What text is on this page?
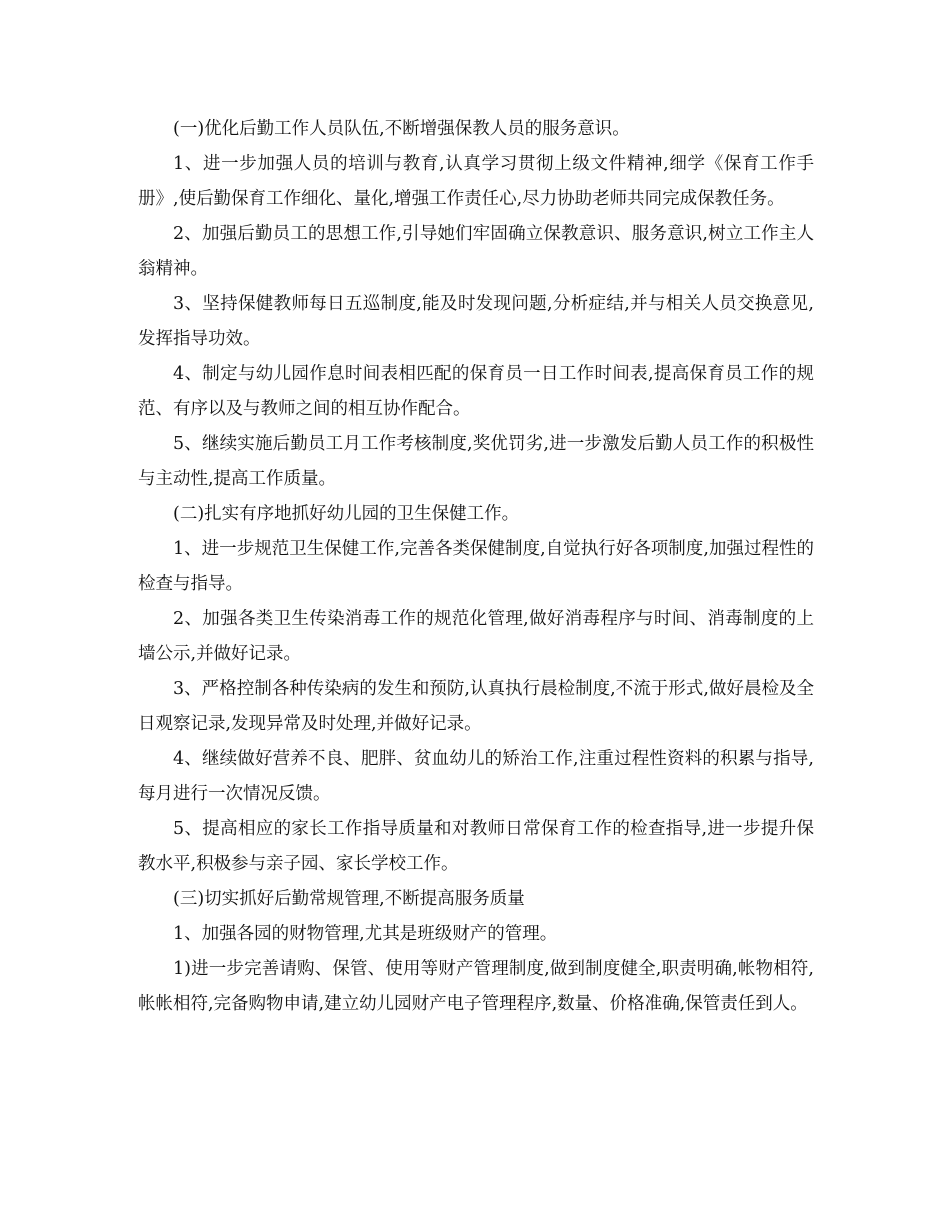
(一)优化后勤工作人员队伍,不断增强保教人员的服务意识。

1、进一步加强人员的培训与教育,认真学习贯彻上级文件精神,细学《保育工作手册》,使后勤保育工作细化、量化,增强工作责任心,尽力协助老师共同完成保教任务。

2、加强后勤员工的思想工作,引导她们牢固确立保教意识、服务意识,树立工作主人翁精神。

3、坚持保健教师每日五巡制度,能及时发现问题,分析症结,并与相关人员交换意见,发挥指导功效。

4、制定与幼儿园作息时间表相匹配的保育员一日工作时间表,提高保育员工作的规范、有序以及与教师之间的相互协作配合。

5、继续实施后勤员工月工作考核制度,奖优罚劣,进一步激发后勤人员工作的积极性与主动性,提高工作质量。

(二)扎实有序地抓好幼儿园的卫生保健工作。

1、进一步规范卫生保健工作,完善各类保健制度,自觉执行好各项制度,加强过程性的检查与指导。

2、加强各类卫生传染消毒工作的规范化管理,做好消毒程序与时间、消毒制度的上墙公示,并做好记录。

3、严格控制各种传染病的发生和预防,认真执行晨检制度,不流于形式,做好晨检及全日观察记录,发现异常及时处理,并做好记录。

4、继续做好营养不良、肥胖、贫血幼儿的矫治工作,注重过程性资料的积累与指导,每月进行一次情况反馈。

5、提高相应的家长工作指导质量和对教师日常保育工作的检查指导,进一步提升保教水平,积极参与亲子园、家长学校工作。

(三)切实抓好后勤常规管理,不断提高服务质量

1、加强各园的财物管理,尤其是班级财产的管理。

1)进一步完善请购、保管、使用等财产管理制度,做到制度健全,职责明确,帐物相符,帐帐相符,完备购物申请,建立幼儿园财产电子管理程序,数量、价格准确,保管责任到人。
